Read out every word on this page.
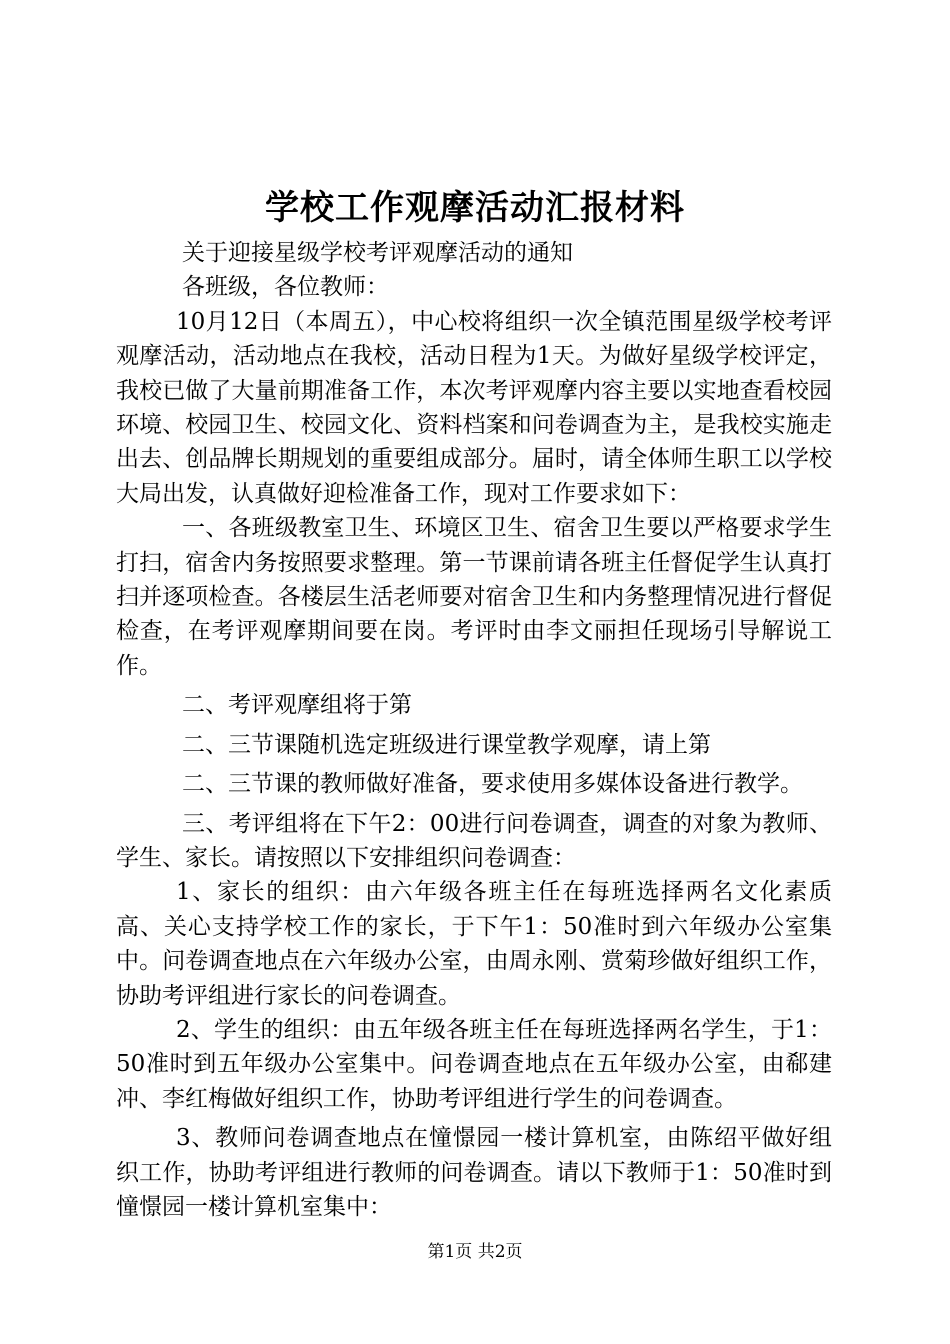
学校工作观摩活动汇报材料

关于迎接星级学校考评观摩活动的通知

各班级，各位教师：

10月12日（本周五），中心校将组织一次全镇范围星级学校考评观摩活动，活动地点在我校，活动日程为1天。为做好星级学校评定，我校已做了大量前期准备工作，本次考评观摩内容主要以实地查看校园环境、校园卫生、校园文化、资料档案和问卷调查为主，是我校实施走出去、创品牌长期规划的重要组成部分。届时，请全体师生职工以学校大局出发，认真做好迎检准备工作，现对工作要求如下：

一、各班级教室卫生、环境区卫生、宿舍卫生要以严格要求学生打扫，宿舍内务按照要求整理。第一节课前请各班主任督促学生认真打扫并逐项检查。各楼层生活老师要对宿舍卫生和内务整理情况进行督促检查，在考评观摩期间要在岗。考评时由李文丽担任现场引导解说工作。

二、考评观摩组将于第

二、三节课随机选定班级进行课堂教学观摩，请上第

二、三节课的教师做好准备，要求使用多媒体设备进行教学。

三、考评组将在下午2：00进行问卷调查，调查的对象为教师、学生、家长。请按照以下安排组织问卷调查：

1、家长的组织：由六年级各班主任在每班选择两名文化素质高、关心支持学校工作的家长，于下午1：50准时到六年级办公室集中。问卷调查地点在六年级办公室，由周永刚、赏菊珍做好组织工作，协助考评组进行家长的问卷调查。

2、学生的组织：由五年级各班主任在每班选择两名学生，于1：50准时到五年级办公室集中。问卷调查地点在五年级办公室，由郗建冲、李红梅做好组织工作，协助考评组进行学生的问卷调查。

3、教师问卷调查地点在憧憬园一楼计算机室，由陈绍平做好组织工作，协助考评组进行教师的问卷调查。请以下教师于1：50准时到憧憬园一楼计算机室集中：

第1页 共2页
